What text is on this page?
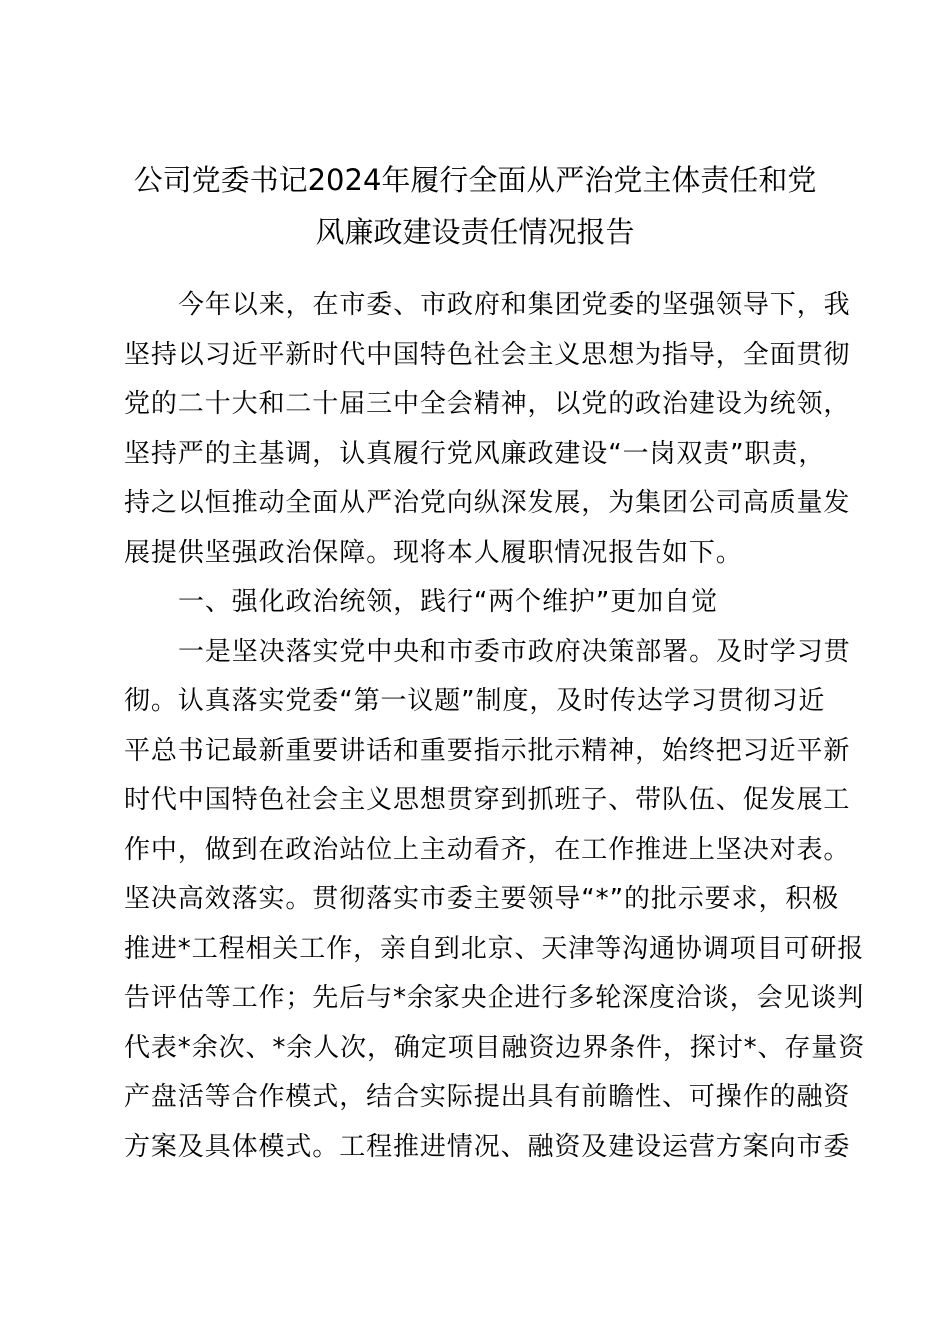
公司党委书记2024年履行全面从严治党主体责任和党
风廉政建设责任情况报告
今年以来，在市委、市政府和集团党委的坚强领导下，我
坚持以习近平新时代中国特色社会主义思想为指导，全面贯彻
党的二十大和二十届三中全会精神，以党的政治建设为统领，
坚持严的主基调，认真履行党风廉政建设“一岗双责”职责，
持之以恒推动全面从严治党向纵深发展，为集团公司高质量发
展提供坚强政治保障。现将本人履职情况报告如下。
一、强化政治统领，践行“两个维护”更加自觉
一是坚决落实党中央和市委市政府决策部署。及时学习贯
彻。认真落实党委“第一议题”制度，及时传达学习贯彻习近
平总书记最新重要讲话和重要指示批示精神，始终把习近平新
时代中国特色社会主义思想贯穿到抓班子、带队伍、促发展工
作中，做到在政治站位上主动看齐，在工作推进上坚决对表。
坚决高效落实。贯彻落实市委主要领导“*”的批示要求，积极
推进*工程相关工作，亲自到北京、天津等沟通协调项目可研报
告评估等工作；先后与*余家央企进行多轮深度洽谈，会见谈判
代表*余次、*余人次，确定项目融资边界条件，探讨*、存量资
产盘活等合作模式，结合实际提出具有前瞻性、可操作的融资
方案及具体模式。工程推进情况、融资及建设运营方案向市委
